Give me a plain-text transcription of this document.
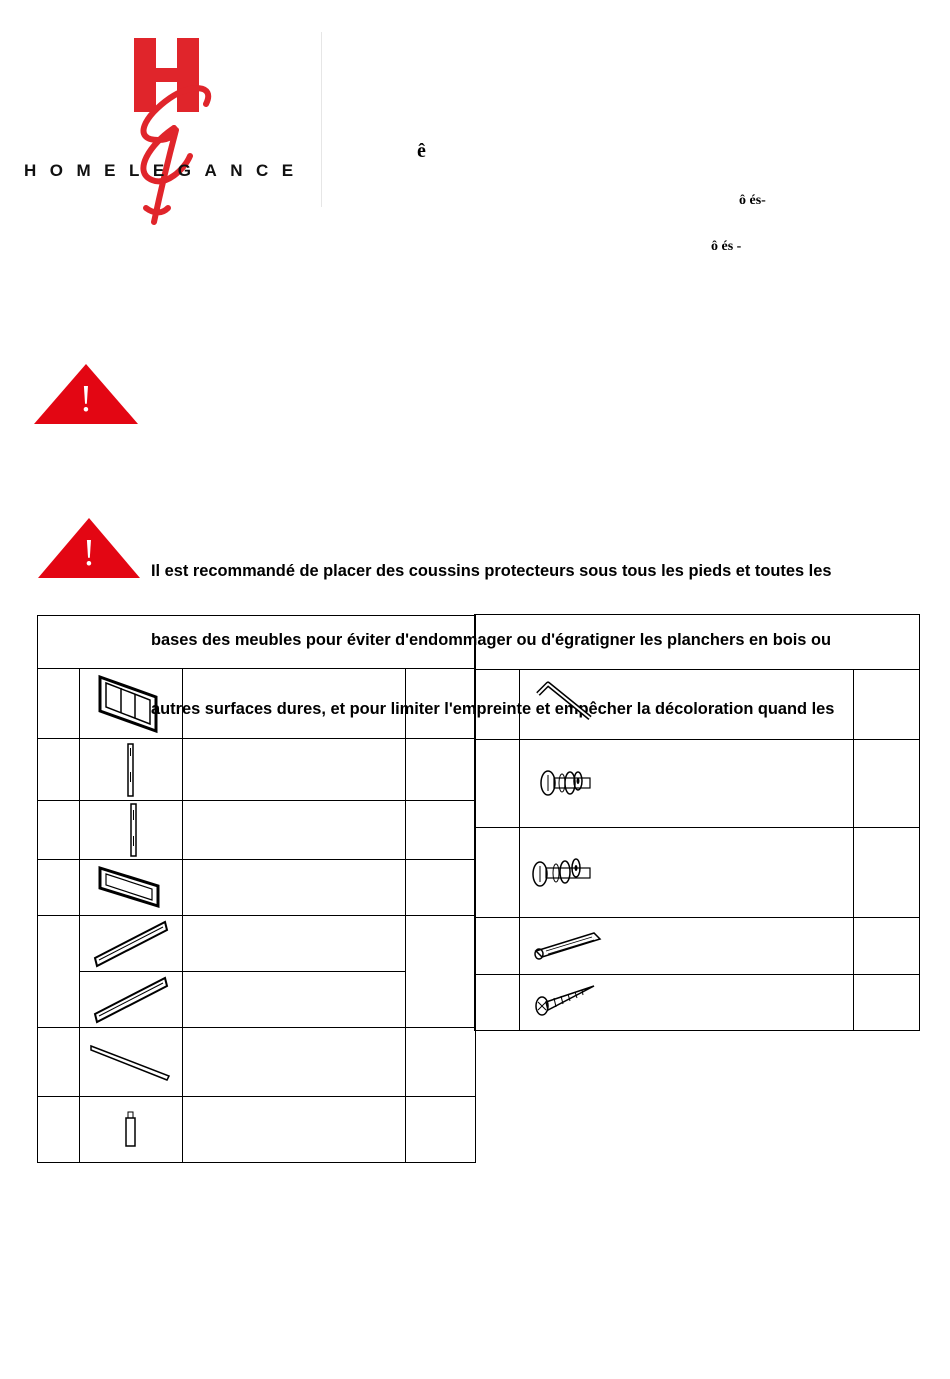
HOMELEGANCE
ê
ô és-
ô és -
!
!

	Il est recommandé de placer des coussins protecteurs sous tous les pieds et toutes les

bases des meubles pour éviter d'endommager ou d'égratigner les planchers en bois ou

autres surfaces dures, et pour limiter l'empreinte et empêcher la décoloration quand les
